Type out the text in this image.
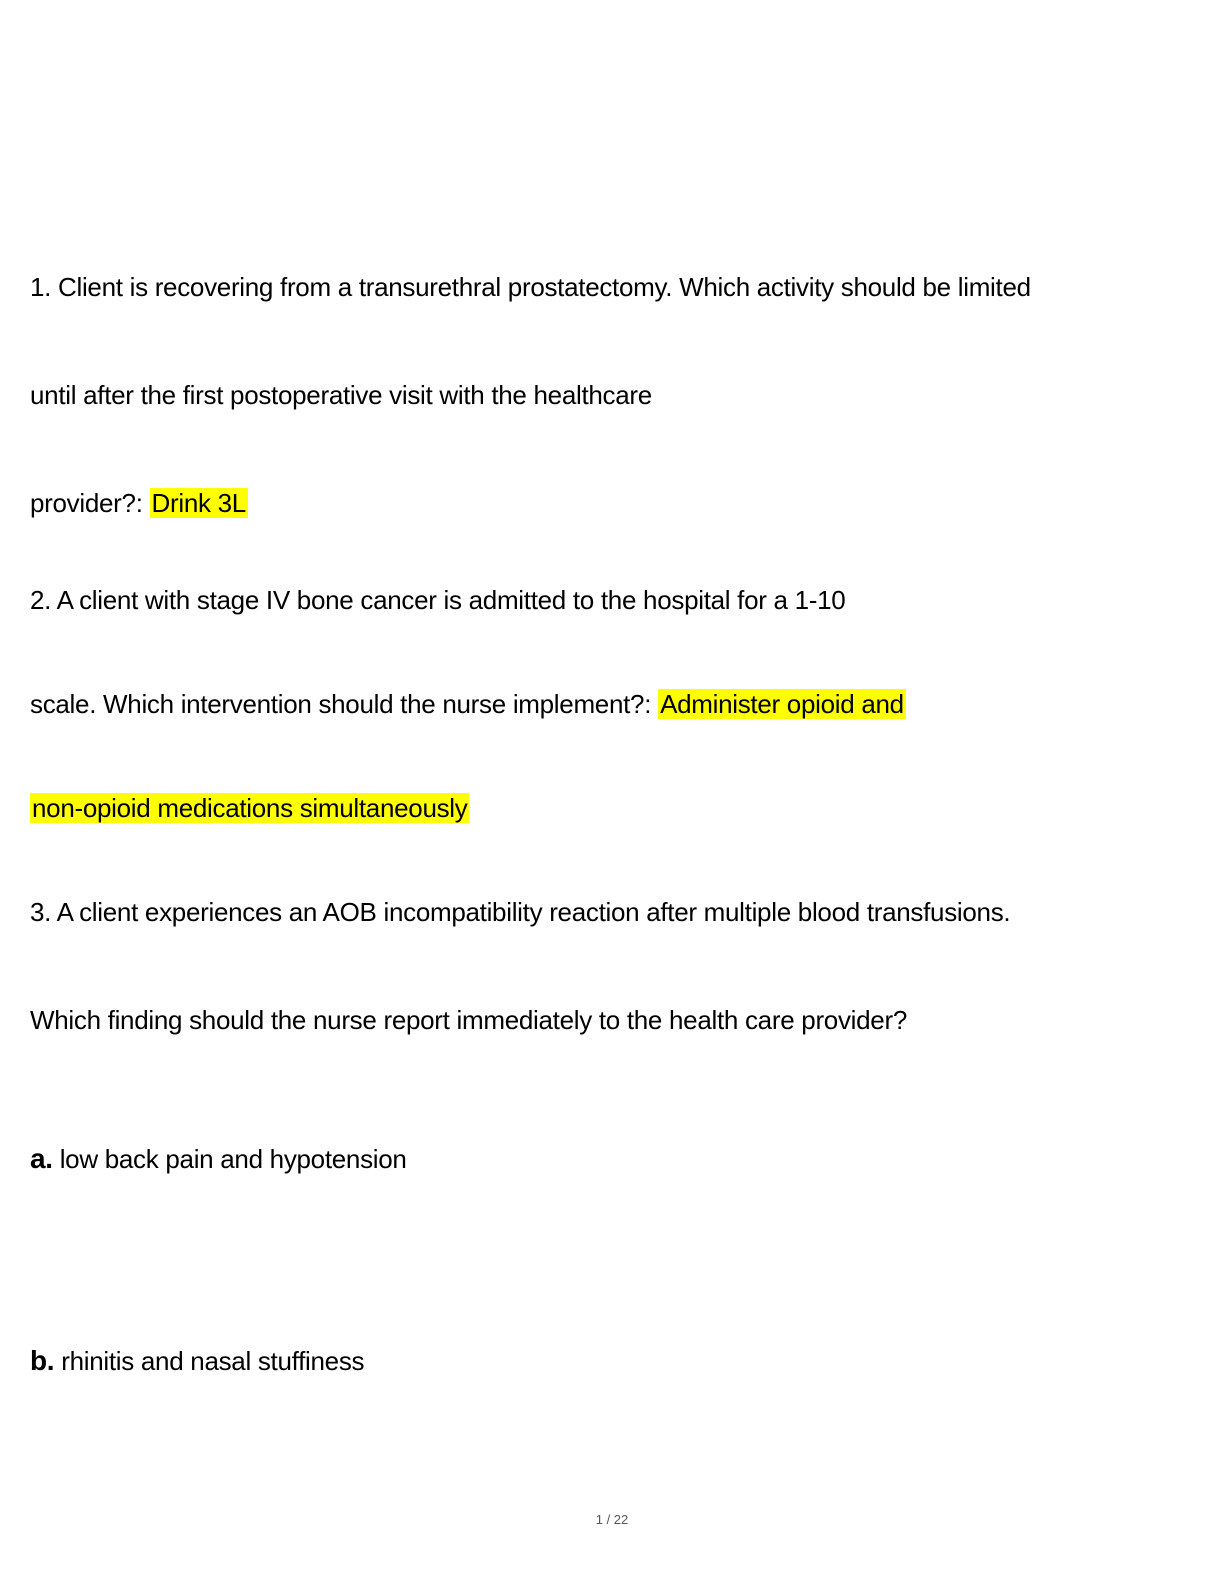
1. Client is recovering from a transurethral prostatectomy. Which activity should be limited
until after the first postoperative visit with the healthcare
provider?: Drink 3L
2. A client with stage IV bone cancer is admitted to the hospital for a 1-10
scale. Which intervention should the nurse implement?: Administer opioid and
non-opioid medications simultaneously
3. A client experiences an AOB incompatibility reaction after multiple blood transfusions.
Which finding should the nurse report immediately to the health care provider?
a. low back pain and hypotension
b. rhinitis and nasal stuffiness
1 / 22
